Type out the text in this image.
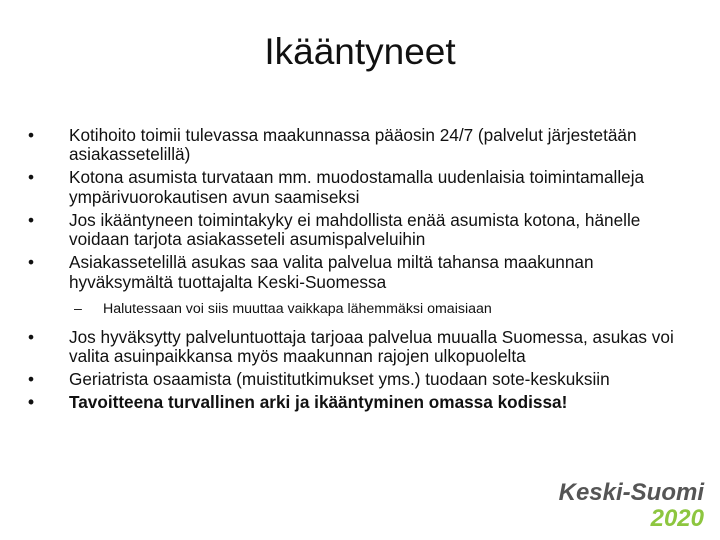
Ikääntyneet
• Kotihoito toimii tulevassa maakunnassa pääosin 24/7 (palvelut järjestetään asiakassetelillä)
• Kotona asumista turvataan mm. muodostamalla uudenlaisia toimintamalleja ympärivuorokautisen avun saamiseksi
• Jos ikääntyneen toimintakyky ei mahdollista enää asumista kotona, hänelle voidaan tarjota asiakasseteli asumispalveluihin
• Asiakassetelillä asukas saa valita palvelua miltä tahansa maakunnan hyväksymältä tuottajalta Keski-Suomessa
– Halutessaan voi siis muuttaa vaikkapa lähemmäksi omaisiaan
• Jos hyväksytty palveluntuottaja tarjoaa palvelua muualla Suomessa, asukas voi valita asuinpaikkansa myös maakunnan rajojen ulkopuolelta
• Geriatrista osaamista (muistitutkimukset yms.) tuodaan sote-keskuksiin
• Tavoitteena turvallinen arki ja ikääntyminen omassa kodissa!
Keski-Suomi
2020
